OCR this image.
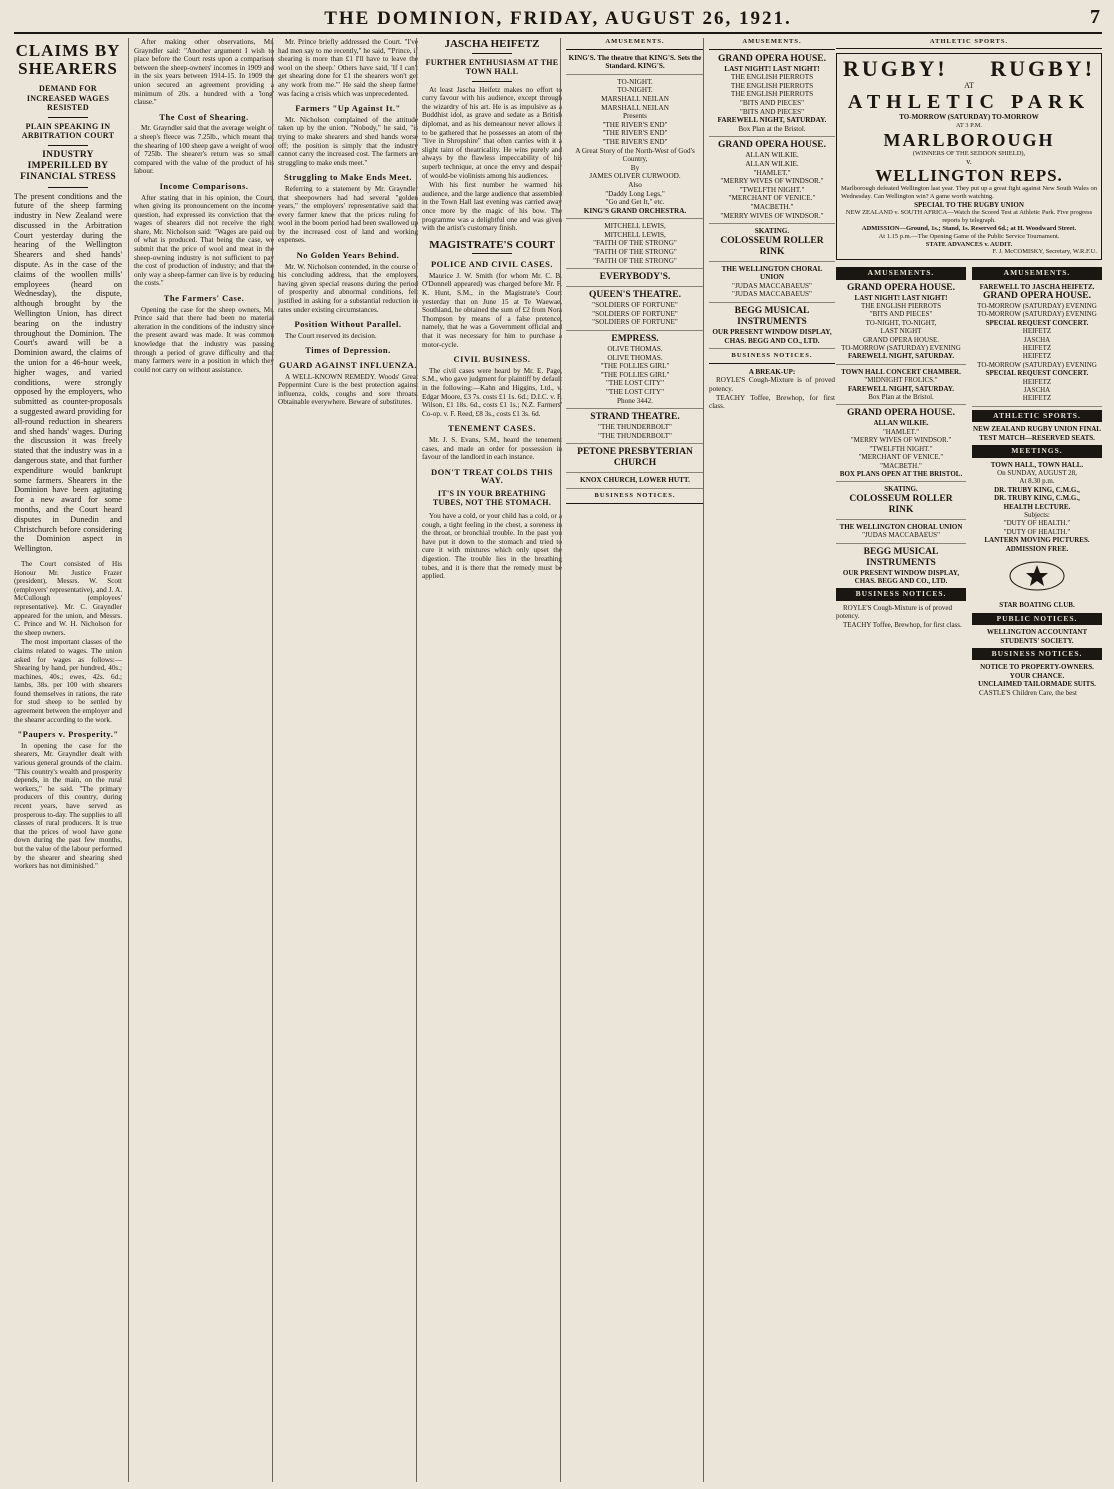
THE DOMINION, FRIDAY, AUGUST 26, 1921.	7
CLAIMS BY SHEARERS
DEMAND FOR INCREASED WAGES RESISTED
PLAIN SPEAKING IN ARBITRATION COURT
INDUSTRY IMPERILLED BY FINANCIAL STRESS
The present conditions and the future of the sheep farming industry in New Zealand were discussed in the Arbitration Court yesterday during the hearing of the Wellington Shearers and shed hands' dispute. As in the case of the claims of the woollen mills' employees (heard on Wednesday), the dispute, although brought by the Wellington Union, has direct bearing on the industry throughout the Dominion. The Court's award will be a Dominion award, the claims of the union for a 46-hour week, higher wages, and varied conditions, were strongly opposed by the employers, who submitted as counter-proposals a suggested award providing for all-round reduction in shearers and shed hands' wages. During the discussion it was freely stated that the industry was in a dangerous state, and that further expenditure would bankrupt some farmers. Shearers in the Dominion have been agitating for a new award for some months, and the Court heard disputes in Dunedin and Christchurch before considering the Dominion aspect in Wellington.
The Court consisted of His Honour Mr. Justice Frazer (president), Messrs. W. Scott (employers' representative), and J. A. McCullough (employees' representative). Mr. C. Grayndler appeared for the union, and Messrs. C. Prince and W. H. Nicholson for the sheep owners.
The most important classes of the claims related to wages. The union asked for wages as follows:—Shearing by hand, per hundred, 40s.; machines, 40s.; ewes, 42s. 6d.; lambs, 38s. per 100 with shearers found themselves in rations, the rate for stud sheep to be settled by agreement between the employer and the shearer according to the work.
"Paupers v. Prosperity."
In opening the case for the shearers, Mr. Grayndler dealt with various general grounds of the claim. "This country's wealth and prosperity depends, in the main, on the rural workers," he said. "The primary producers of this country, during recent years, have served as prosperous to-day. The supplies to all classes of rural producers. It is true that the prices of wool have gone down during the past few months, but the value of the labour performed by the shearer and shearing shed workers has not diminished."
After making other observations, Mr. Grayndler said: "Another argument I wish to place before the Court rests upon a comparison between the sheep-owners' incomes in 1909 and in the six years between 1914-15. In 1909 the union secured an agreement providing a minimum of 20s. a hundred with a 'long' clause."
The Cost of Shearing.
Mr. Grayndler said that the average weight of a sheep's fleece was 7.25lb., which meant that the shearing of 100 sheep gave a weight of wool of 725lb. The shearer's return was so small compared with the value of the product of his labour.
Income Comparisons.
After stating that in his opinion, the Court, when giving its pronouncement on the income question, had expressed its conviction that the wages of shearers did not receive the right share, Mr. Nicholson said: "Wages are paid out of what is produced. That being the case, we submit that the price of wool and meat in the sheep-owning industry is not sufficient to pay the cost of production of industry; and that the only way a sheep-farmer can live is by reducing the costs."
The Farmers' Case.
Opening the case for the sheep owners, Mr. Prince said that there had been no material alteration in the conditions of the industry since the present award was made. It was common knowledge that the industry was passing through a period of grave difficulty and that many farmers were in a position in which they could not carry on without assistance.
Mr. Prince briefly addressed the Court. "I've had men say to me recently," he said, "'Prince, if shearing is more than £1 I'll have to leave the wool on the sheep.' Others have said, 'If I can't get shearing done for £1 the shearers won't get any work from me.'" He said the sheep farmer was facing a crisis which was unprecedented.
Farmers "Up Against It."
Mr. Nicholson complained of the attitude taken up by the union. "Nobody," he said, "is trying to make shearers and shed hands worse off; the position is simply that the industry cannot carry the increased cost. The farmers are struggling to make ends meet."
Struggling to Make Ends Meet.
Referring to a statement by Mr. Grayndler that sheepowners had had several "golden years," the employers' representative said that every farmer knew that the prices ruling for wool in the boom period had been swallowed up by the increased cost of land and working expenses.
No Golden Years Behind.
Mr. W. Nicholson contended, in the course of his concluding address, that the employers, having given special reasons during the period of prosperity and abnormal conditions, felt justified in asking for a substantial reduction in rates under existing circumstances.
Position Without Parallel.
The Court reserved its decision.
Times of Depression.
GUARD AGAINST INFLUENZA.
A WELL-KNOWN REMEDY. Woods' Great Peppermint Cure is the best protection against influenza, colds, coughs and sore throats. Obtainable everywhere. Beware of substitutes.
JASCHA HEIFETZ
FURTHER ENTHUSIASM AT THE TOWN HALL
At least Jascha Heifetz makes no effort to curry favour with his audience, except through the wizardry of his art. He is as impulsive as a Buddhist idol, as grave and sedate as a British diplomat, and as his demeanour never allows it to be gathered that he possesses an atom of the "live in Shropshire" that often carries with it a slight taint of theatricality. He wins purely and always by the flawless impeccability of his superb technique, at once the envy and despair of would-be violinists among his audiences.
With his first number he warmed his audience, and the large audience that assembled in the Town Hall last evening was carried away once more by the magic of his bow. The programme was a delightful one and was given with the artist's customary finish.
MAGISTRATE'S COURT
POLICE AND CIVIL CASES.
Maurice J. W. Smith (for whom Mr. C. B. O'Donnell appeared) was charged before Mr. F. K. Hunt, S.M., in the Magistrate's Court yesterday that on June 15 at Te Waewae, Southland, he obtained the sum of £2 from Nora Thompson by means of a false pretence, namely, that he was a Government official and that it was necessary for him to purchase a motor-cycle.
CIVIL BUSINESS.
The civil cases were heard by Mr. E. Page, S.M., who gave judgment for plaintiff by default in the following:—Kahn and Higgins, Ltd., v. Edgar Moore, £3 7s. costs £1 1s. 6d.; D.I.C. v. P. Wilson, £1 18s. 6d., costs £1 1s.; N.Z. Farmers' Co-op. v. F. Reed, £8 3s., costs £1 3s. 6d.
TENEMENT CASES.
Mr. J. S. Evans, S.M., heard the tenement cases, and made an order for possession in favour of the landlord in each instance.
DON'T TREAT COLDS THIS WAY.
IT'S IN YOUR BREATHING TUBES, NOT THE STOMACH.
You have a cold, or your child has a cold, or a cough, a tight feeling in the chest, a soreness in the throat, or bronchial trouble. In the past you have put it down to the stomach and tried to cure it with mixtures which only upset the digestion. The trouble lies in the breathing tubes, and it is there that the remedy must be applied.
AMUSEMENTS.
KING'S. The theatre that KING'S. Sets the Standard. KING'S.
TO-NIGHT.
TO-NIGHT.
MARSHALL NEILAN
MARSHALL NEILAN
Presents
"THE RIVER'S END"
"THE RIVER'S END"
"THE RIVER'S END"
A Great Story of the North-West of God's Country,
By
JAMES OLIVER CURWOOD.
Also
"Daddy Long Legs,"
"Go and Get It," etc.
KING'S GRAND ORCHESTRA.
MITCHELL LEWIS,
MITCHELL LEWIS,
"FAITH OF THE STRONG"
"FAITH OF THE STRONG"
"FAITH OF THE STRONG"
EVERYBODY'S.
QUEEN'S THEATRE.
"SOLDIERS OF FORTUNE"
"SOLDIERS OF FORTUNE"
"SOLDIERS OF FORTUNE"
EMPRESS.
OLIVE THOMAS.
OLIVE THOMAS.
"THE FOLLIES GIRL"
"THE FOLLIES GIRL"
"THE LOST CITY"
"THE LOST CITY"
Phone 3442.
STRAND THEATRE.
"THE THUNDERBOLT"
"THE THUNDERBOLT"
PETONE PRESBYTERIAN CHURCH
KNOX CHURCH, LOWER HUTT.
BUSINESS NOTICES.
AMUSEMENTS.
GRAND OPERA HOUSE.
LAST NIGHT! LAST NIGHT!
THE ENGLISH PIERROTS
THE ENGLISH PIERROTS
THE ENGLISH PIERROTS
"BITS AND PIECES"
"BITS AND PIECES"
FAREWELL NIGHT, SATURDAY.
Box Plan at the Bristol.
GRAND OPERA HOUSE.
ALLAN WILKIE.
ALLAN WILKIE.
"HAMLET."
"MERRY WIVES OF WINDSOR."
"TWELFTH NIGHT."
"MERCHANT OF VENICE."
"MACBETH."
"MERRY WIVES OF WINDSOR."
SKATING.
COLOSSEUM ROLLER RINK
THE WELLINGTON CHORAL UNION
"JUDAS MACCABAEUS"
"JUDAS MACCABAEUS"
BEGG MUSICAL INSTRUMENTS
OUR PRESENT WINDOW DISPLAY,
CHAS. BEGG AND CO., LTD.
BUSINESS NOTICES.
A BREAK-UP:
ROYLE'S Cough-Mixture is of proved potency.
TEACHY Toffee, Brewhop, for first class.
ATHLETIC SPORTS.
RUGBY! RUGBY!
AT
ATHLETIC PARK
TO-MORROW (SATURDAY) TO-MORROW
AT 3 P.M.
MARLBOROUGH
(WINNERS OF THE SEDDON SHIELD),
v.
WELLINGTON REPS.
Marlborough defeated Wellington last year. They put up a great fight against New South Wales on Wednesday. Can Wellington win? A game worth watching.
SPECIAL TO THE RUGBY UNION
NEW ZEALAND v. SOUTH AFRICA—Watch the Scored Test at Athletic Park. Five progress reports by telegraph.
ADMISSION—Ground, 1s.; Stand, 1s. Reserved 6d.; at H. Woodward Street.
At 1.15 p.m.—The Opening Game of the Public Service Tournament.
STATE ADVANCES v. AUDIT.
F. J. McCOMISKY, Secretary, W.R.F.U.
AMUSEMENTS.
GRAND OPERA HOUSE.
LAST NIGHT! LAST NIGHT!
THE ENGLISH PIERROTS
"BITS AND PIECES"
TO-NIGHT, TO-NIGHT,
LAST NIGHT
GRAND OPERA HOUSE.
TO-MORROW (SATURDAY) EVENING
FAREWELL NIGHT, SATURDAY.
TOWN HALL CONCERT CHAMBER.
"MIDNIGHT FROLICS."
FAREWELL NIGHT, SATURDAY.
Box Plan at the Bristol.
GRAND OPERA HOUSE.
ALLAN WILKIE.
"HAMLET."
"MERRY WIVES OF WINDSOR."
"TWELFTH NIGHT."
"MERCHANT OF VENICE."
"MACBETH."
BOX PLANS OPEN AT THE BRISTOL.
SKATING.
COLOSSEUM ROLLER RINK
THE WELLINGTON CHORAL UNION
"JUDAS MACCABAEUS"
BEGG MUSICAL INSTRUMENTS
OUR PRESENT WINDOW DISPLAY,
CHAS. BEGG AND CO., LTD.
BUSINESS NOTICES.
ROYLE'S Cough-Mixture is of proved potency.
TEACHY Toffee, Brewhop, for first class.
AMUSEMENTS.
FAREWELL TO JASCHA HEIFETZ.
GRAND OPERA HOUSE.
TO-MORROW (SATURDAY) EVENING
TO-MORROW (SATURDAY) EVENING
SPECIAL REQUEST CONCERT.
HEIFETZ
JASCHA
HEIFETZ
HEIFETZ
TO-MORROW (SATURDAY) EVENING
SPECIAL REQUEST CONCERT.
HEIFETZ
JASCHA
HEIFETZ
ATHLETIC SPORTS.
NEW ZEALAND RUGBY UNION FINAL TEST MATCH—RESERVED SEATS.
MEETINGS.
TOWN HALL, TOWN HALL.
On SUNDAY, AUGUST 28,
At 8.30 p.m.
DR. TRUBY KING, C.M.G.,
DR. TRUBY KING, C.M.G.,
HEALTH LECTURE.
Subjects:
"DUTY OF HEALTH."
"DUTY OF HEALTH."
LANTERN MOVING PICTURES.
ADMISSION FREE.
STAR BOATING CLUB.
PUBLIC NOTICES.
WELLINGTON ACCOUNTANT STUDENTS' SOCIETY.
BUSINESS NOTICES.
NOTICE TO PROPERTY-OWNERS.
YOUR CHANCE.
UNCLAIMED TAILORMADE SUITS.
CASTLE'S Children Care, the best
